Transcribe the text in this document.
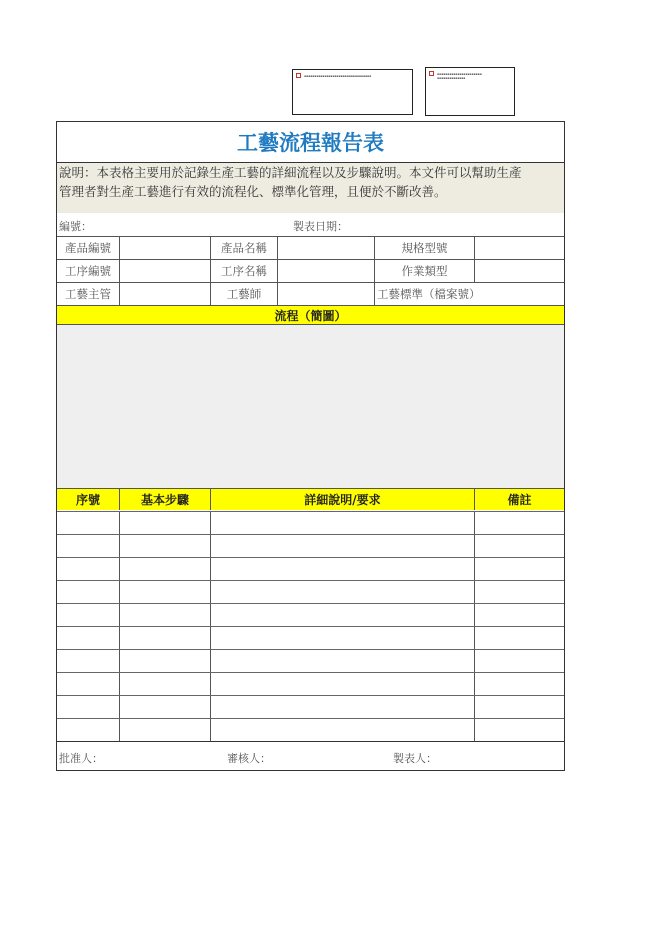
▪▪▪▪▪▪▪▪▪▪▪▪▪▪▪▪▪▪▪▪▪▪▪▪▪▪▪▪▪▪▪▪▪	▪▪▪▪▪▪▪▪▪▪▪▪▪▪▪▪▪▪▪▪▪▪
▪▪▪▪▪▪▪▪▪▪▪▪▪▪
工藝流程報告表
說明：本表格主要用於記錄生產工藝的詳細流程以及步驟說明。本文件可以幫助生產
管理者對生產工藝進行有效的流程化、標準化管理，且便於不斷改善。
編號：	製表日期：
產品編號	產品名稱	規格型號
工序編號	工序名稱	作業類型
工藝主管	工藝師	工藝標準（檔案號）
流程（簡圖）
序號	基本步驟	詳細說明/要求	備註
批准人：	審核人：	製表人：
